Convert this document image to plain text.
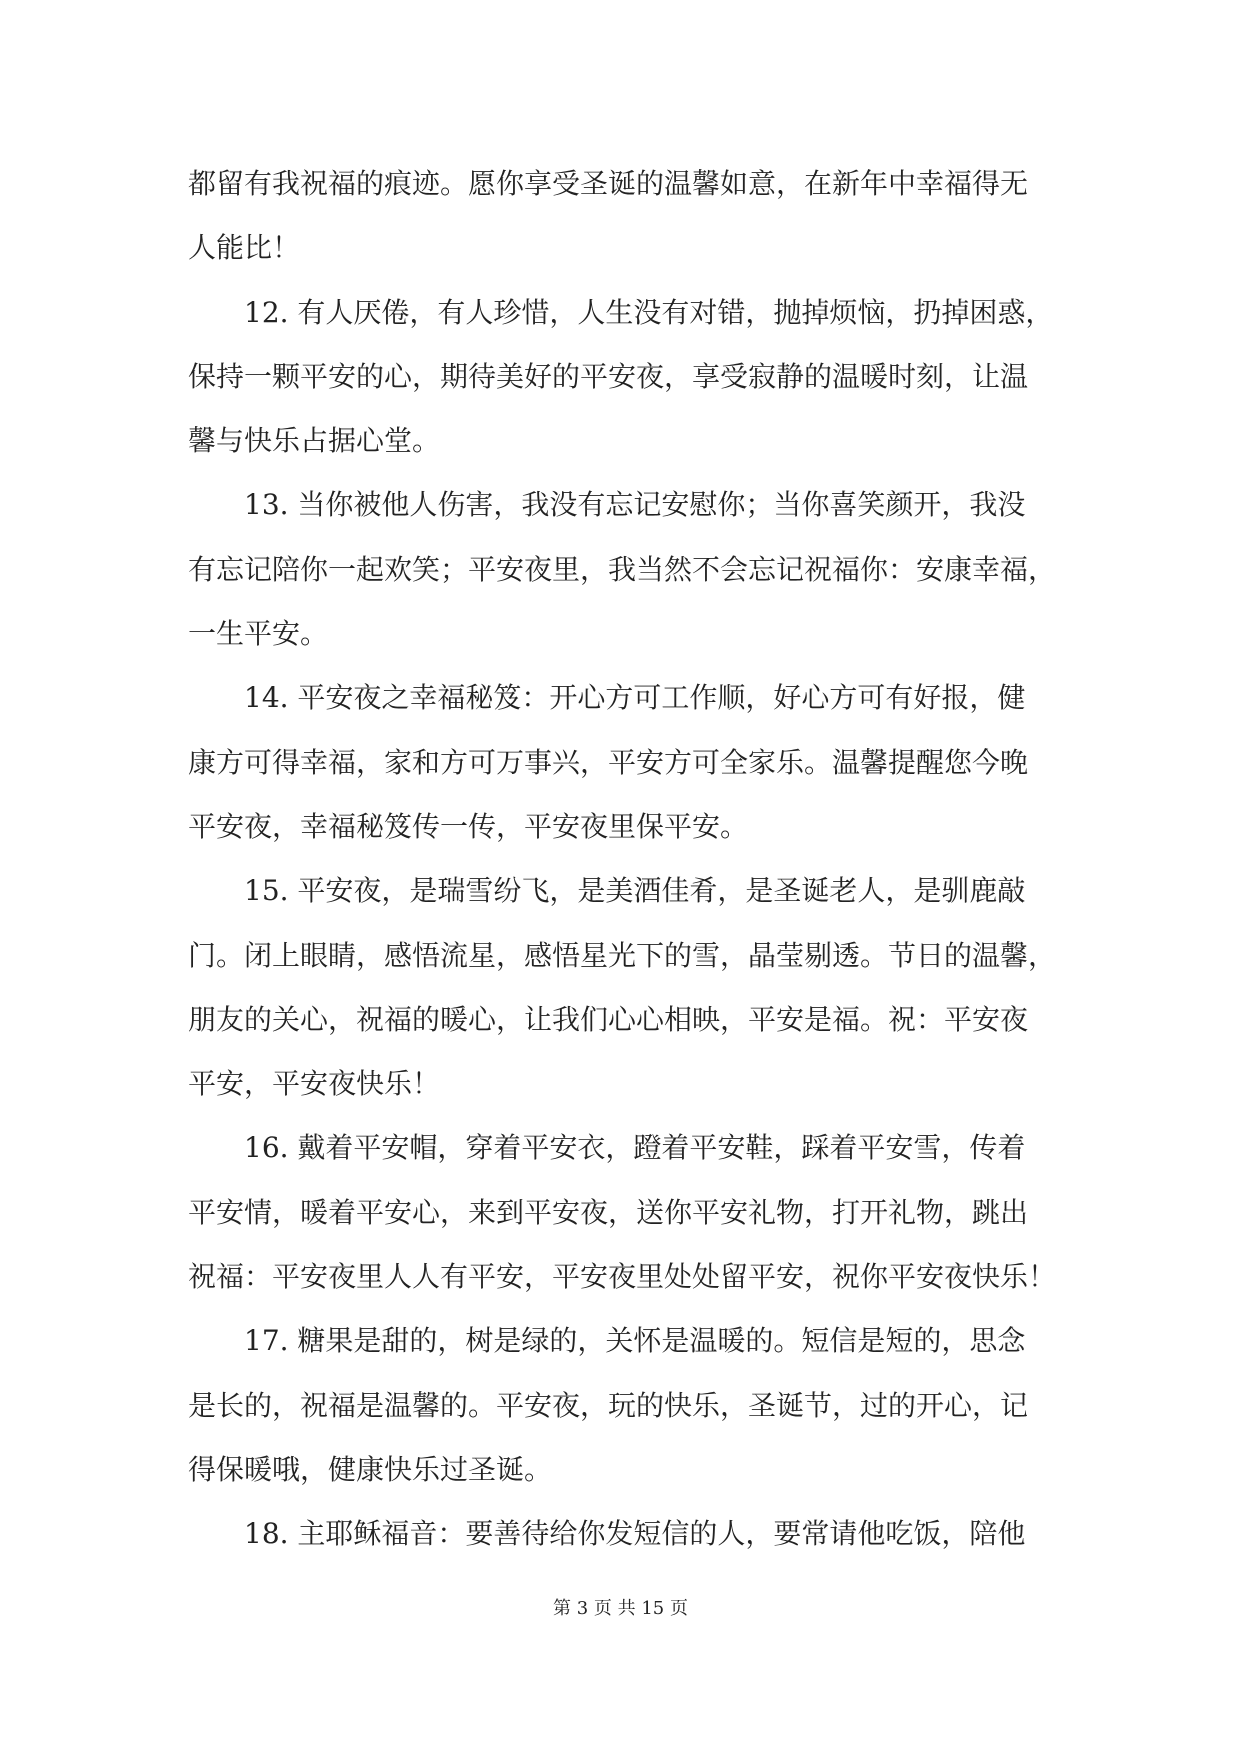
都留有我祝福的痕迹。愿你享受圣诞的温馨如意，在新年中幸福得无
人能比！

12. 有人厌倦，有人珍惜，人生没有对错，抛掉烦恼，扔掉困惑，
保持一颗平安的心，期待美好的平安夜，享受寂静的温暖时刻，让温
馨与快乐占据心堂。

13. 当你被他人伤害，我没有忘记安慰你；当你喜笑颜开，我没
有忘记陪你一起欢笑；平安夜里，我当然不会忘记祝福你：安康幸福，
一生平安。

14. 平安夜之幸福秘笈：开心方可工作顺，好心方可有好报，健
康方可得幸福，家和方可万事兴，平安方可全家乐。温馨提醒您今晚
平安夜，幸福秘笈传一传，平安夜里保平安。

15. 平安夜，是瑞雪纷飞，是美酒佳肴，是圣诞老人，是驯鹿敲
门。闭上眼睛，感悟流星，感悟星光下的雪，晶莹剔透。节日的温馨，
朋友的关心，祝福的暖心，让我们心心相映，平安是福。祝：平安夜
平安，平安夜快乐！

16. 戴着平安帽，穿着平安衣，蹬着平安鞋，踩着平安雪，传着
平安情，暖着平安心，来到平安夜，送你平安礼物，打开礼物，跳出
祝福：平安夜里人人有平安，平安夜里处处留平安，祝你平安夜快乐！

17. 糖果是甜的，树是绿的，关怀是温暖的。短信是短的，思念
是长的，祝福是温馨的。平安夜，玩的快乐，圣诞节，过的开心，记
得保暖哦，健康快乐过圣诞。

18. 主耶稣福音：要善待给你发短信的人，要常请他吃饭，陪他

第 3 页 共 15 页
